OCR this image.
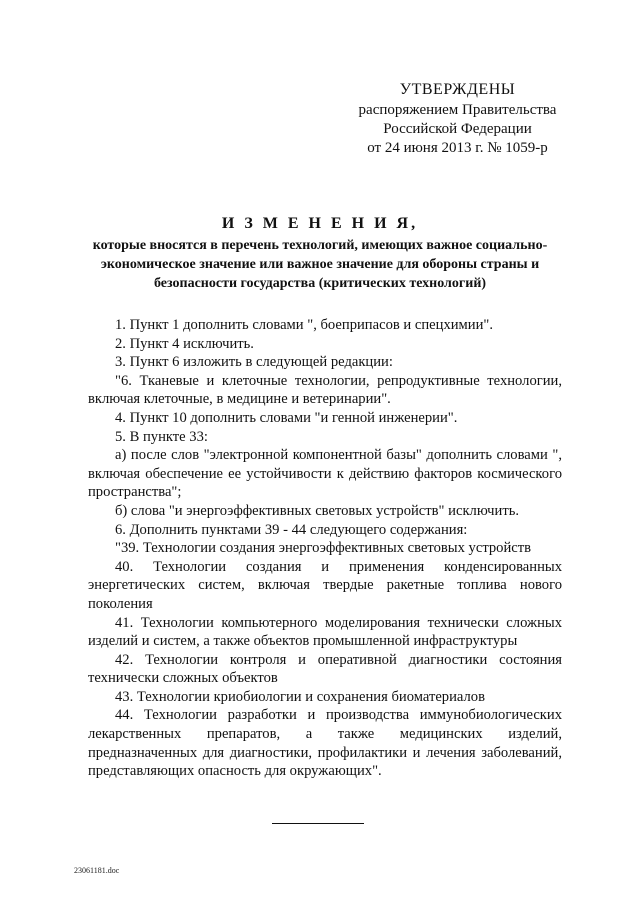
УТВЕРЖДЕНЫ
распоряжением Правительства
Российской Федерации
от 24 июня 2013 г. № 1059-р
И З М Е Н Е Н И Я,
которые вносятся в перечень технологий, имеющих важное социально-экономическое значение или важное значение для обороны страны и безопасности государства (критических технологий)

1. Пункт 1 дополнить словами ", боеприпасов и спецхимии".

2. Пункт 4 исключить.

3. Пункт 6 изложить в следующей редакции:

"6. Тканевые и клеточные технологии, репродуктивные технологии, включая клеточные, в медицине и ветеринарии".

4. Пункт 10 дополнить словами "и генной инженерии".

5. В пункте 33:

а) после слов "электронной компонентной базы" дополнить словами ", включая обеспечение ее устойчивости к действию факторов космического пространства";

б) слова "и энергоэффективных световых устройств" исключить.

6. Дополнить пунктами 39 - 44 следующего содержания:

"39. Технологии создания энергоэффективных световых устройств

40. Технологии создания и применения конденсированных энергетических систем, включая твердые ракетные топлива нового поколения

41. Технологии компьютерного моделирования технически сложных изделий и систем, а также объектов промышленной инфраструктуры

42. Технологии контроля и оперативной диагностики состояния технически сложных объектов

43. Технологии криобиологии и сохранения биоматериалов

44. Технологии разработки и производства иммунобиологических лекарственных препаратов, а также медицинских изделий, предназначенных для диагностики, профилактики и лечения заболеваний, представляющих опасность для окружающих".

23061181.doc
